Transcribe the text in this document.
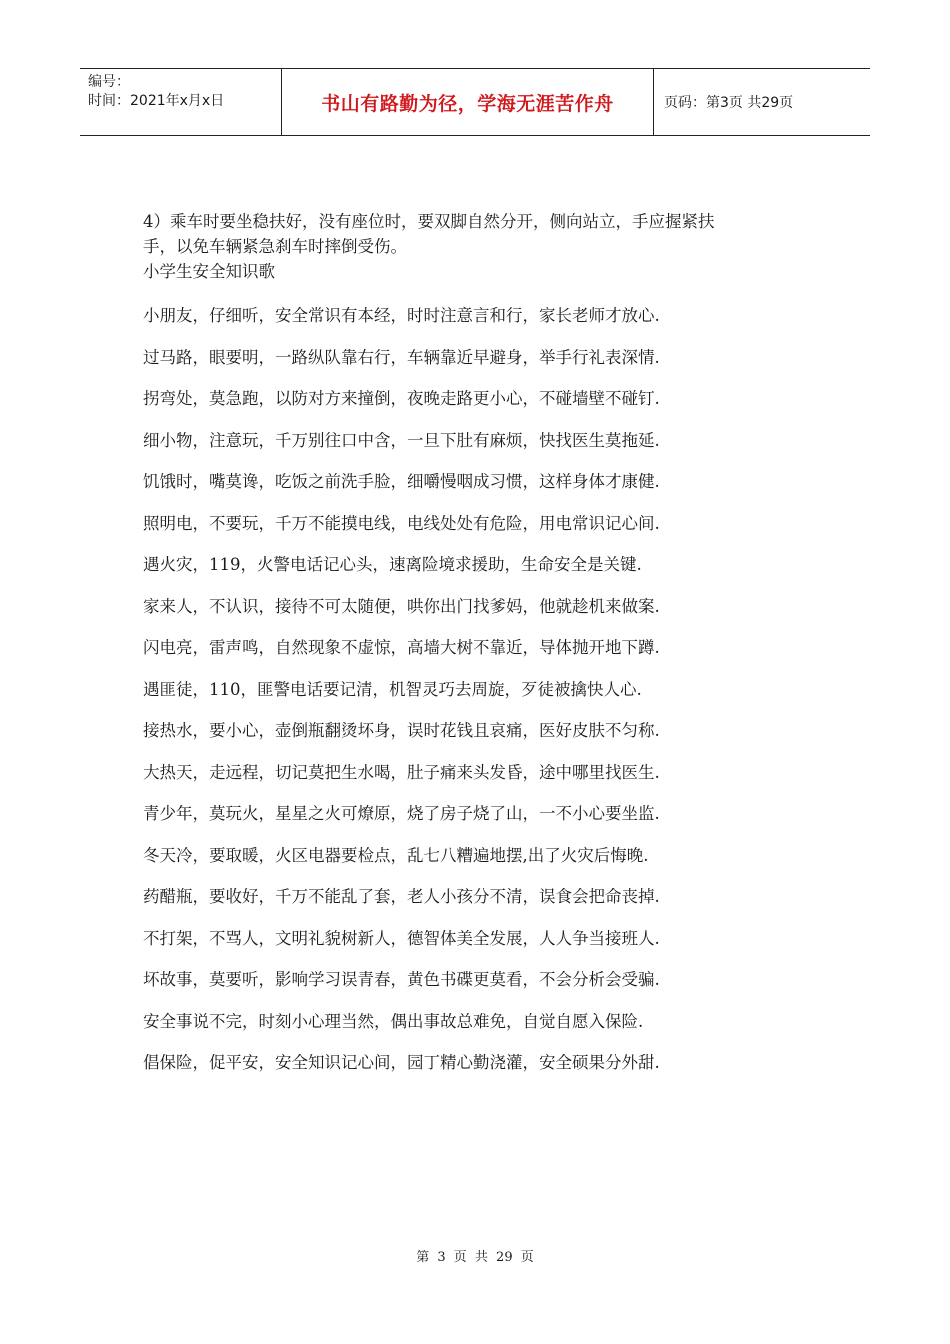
编号：
时间：2021年x月x日	书山有路勤为径，学海无涯苦作舟	页码：第3页 共29页

4）乘车时要坐稳扶好，没有座位时，要双脚自然分开，侧向站立，手应握紧扶

手，以免车辆紧急刹车时摔倒受伤。

小学生安全知识歌

小朋友，仔细听，安全常识有本经，时时注意言和行，家长老师才放心.

过马路，眼要明，一路纵队靠右行，车辆靠近早避身，举手行礼表深情.

拐弯处，莫急跑，以防对方来撞倒，夜晚走路更小心，不碰墙壁不碰钉.

细小物，注意玩，千万别往口中含，一旦下肚有麻烦，快找医生莫拖延.

饥饿时，嘴莫谗，吃饭之前洗手脸，细嚼慢咽成习惯，这样身体才康健.

照明电，不要玩，千万不能摸电线，电线处处有危险，用电常识记心间.

遇火灾，119，火警电话记心头，速离险境求援助，生命安全是关键.

家来人，不认识，接待不可太随便，哄你出门找爹妈，他就趁机来做案.

闪电亮，雷声鸣，自然现象不虚惊，高墙大树不靠近，导体抛开地下蹲.

遇匪徒，110，匪警电话要记清，机智灵巧去周旋，歹徒被擒快人心.

接热水，要小心，壶倒瓶翻烫坏身，误时花钱且哀痛，医好皮肤不匀称.

大热天，走远程，切记莫把生水喝，肚子痛来头发昏，途中哪里找医生.

青少年，莫玩火，星星之火可燎原，烧了房子烧了山，一不小心要坐监.

冬天冷，要取暖，火区电器要检点，乱七八糟遍地摆,出了火灾后悔晚.

药醋瓶，要收好，千万不能乱了套，老人小孩分不清，误食会把命丧掉.

不打架，不骂人，文明礼貌树新人，德智体美全发展，人人争当接班人.

坏故事，莫要听，影响学习误青春，黄色书碟更莫看，不会分析会受骗.

安全事说不完，时刻小心理当然，偶出事故总难免，自觉自愿入保险.

倡保险，促平安，安全知识记心间，园丁精心勤浇灌，安全硕果分外甜.

第 3 页 共 29 页
